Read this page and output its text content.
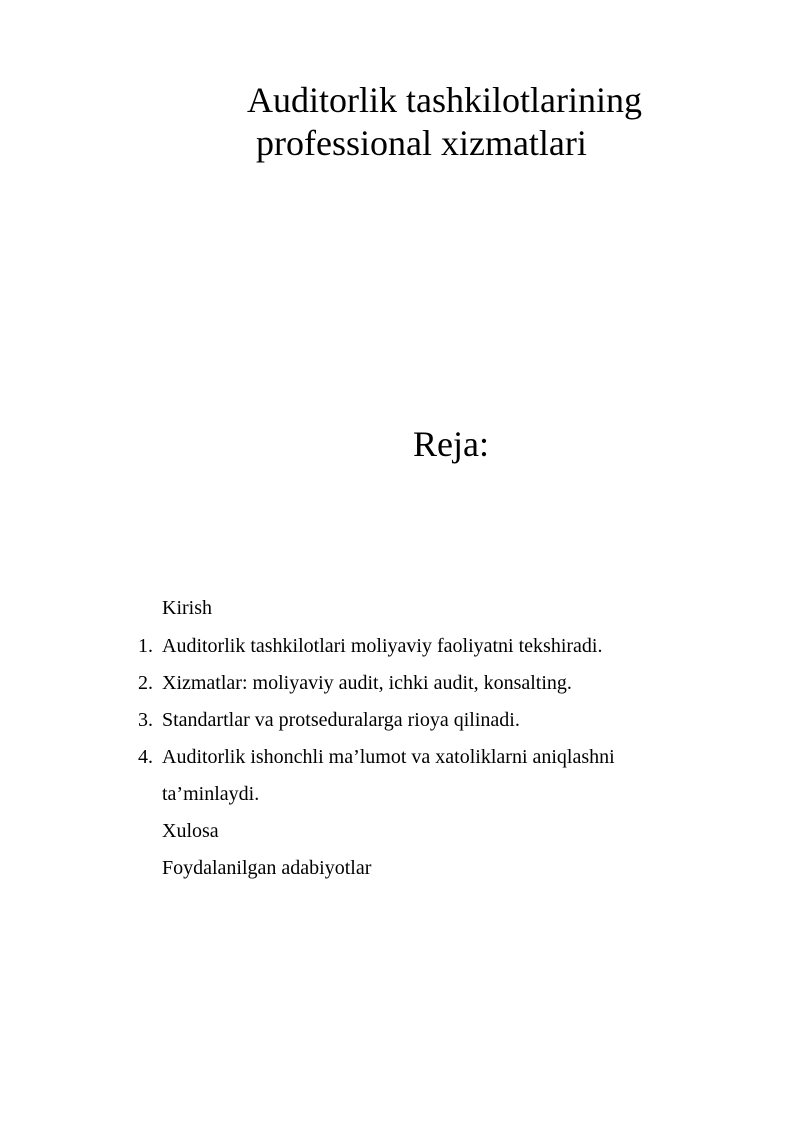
Auditorlik tashkilotlarining
professional xizmatlari
Reja:
Kirish
1. Auditorlik tashkilotlari moliyaviy faoliyatni tekshiradi.
2. Xizmatlar: moliyaviy audit, ichki audit, konsalting.
3. Standartlar va protseduralarga rioya qilinadi.
4. Auditorlik ishonchli ma’lumot va xatoliklarni aniqlashni
ta’minlaydi.
Xulosa
Foydalanilgan adabiyotlar
